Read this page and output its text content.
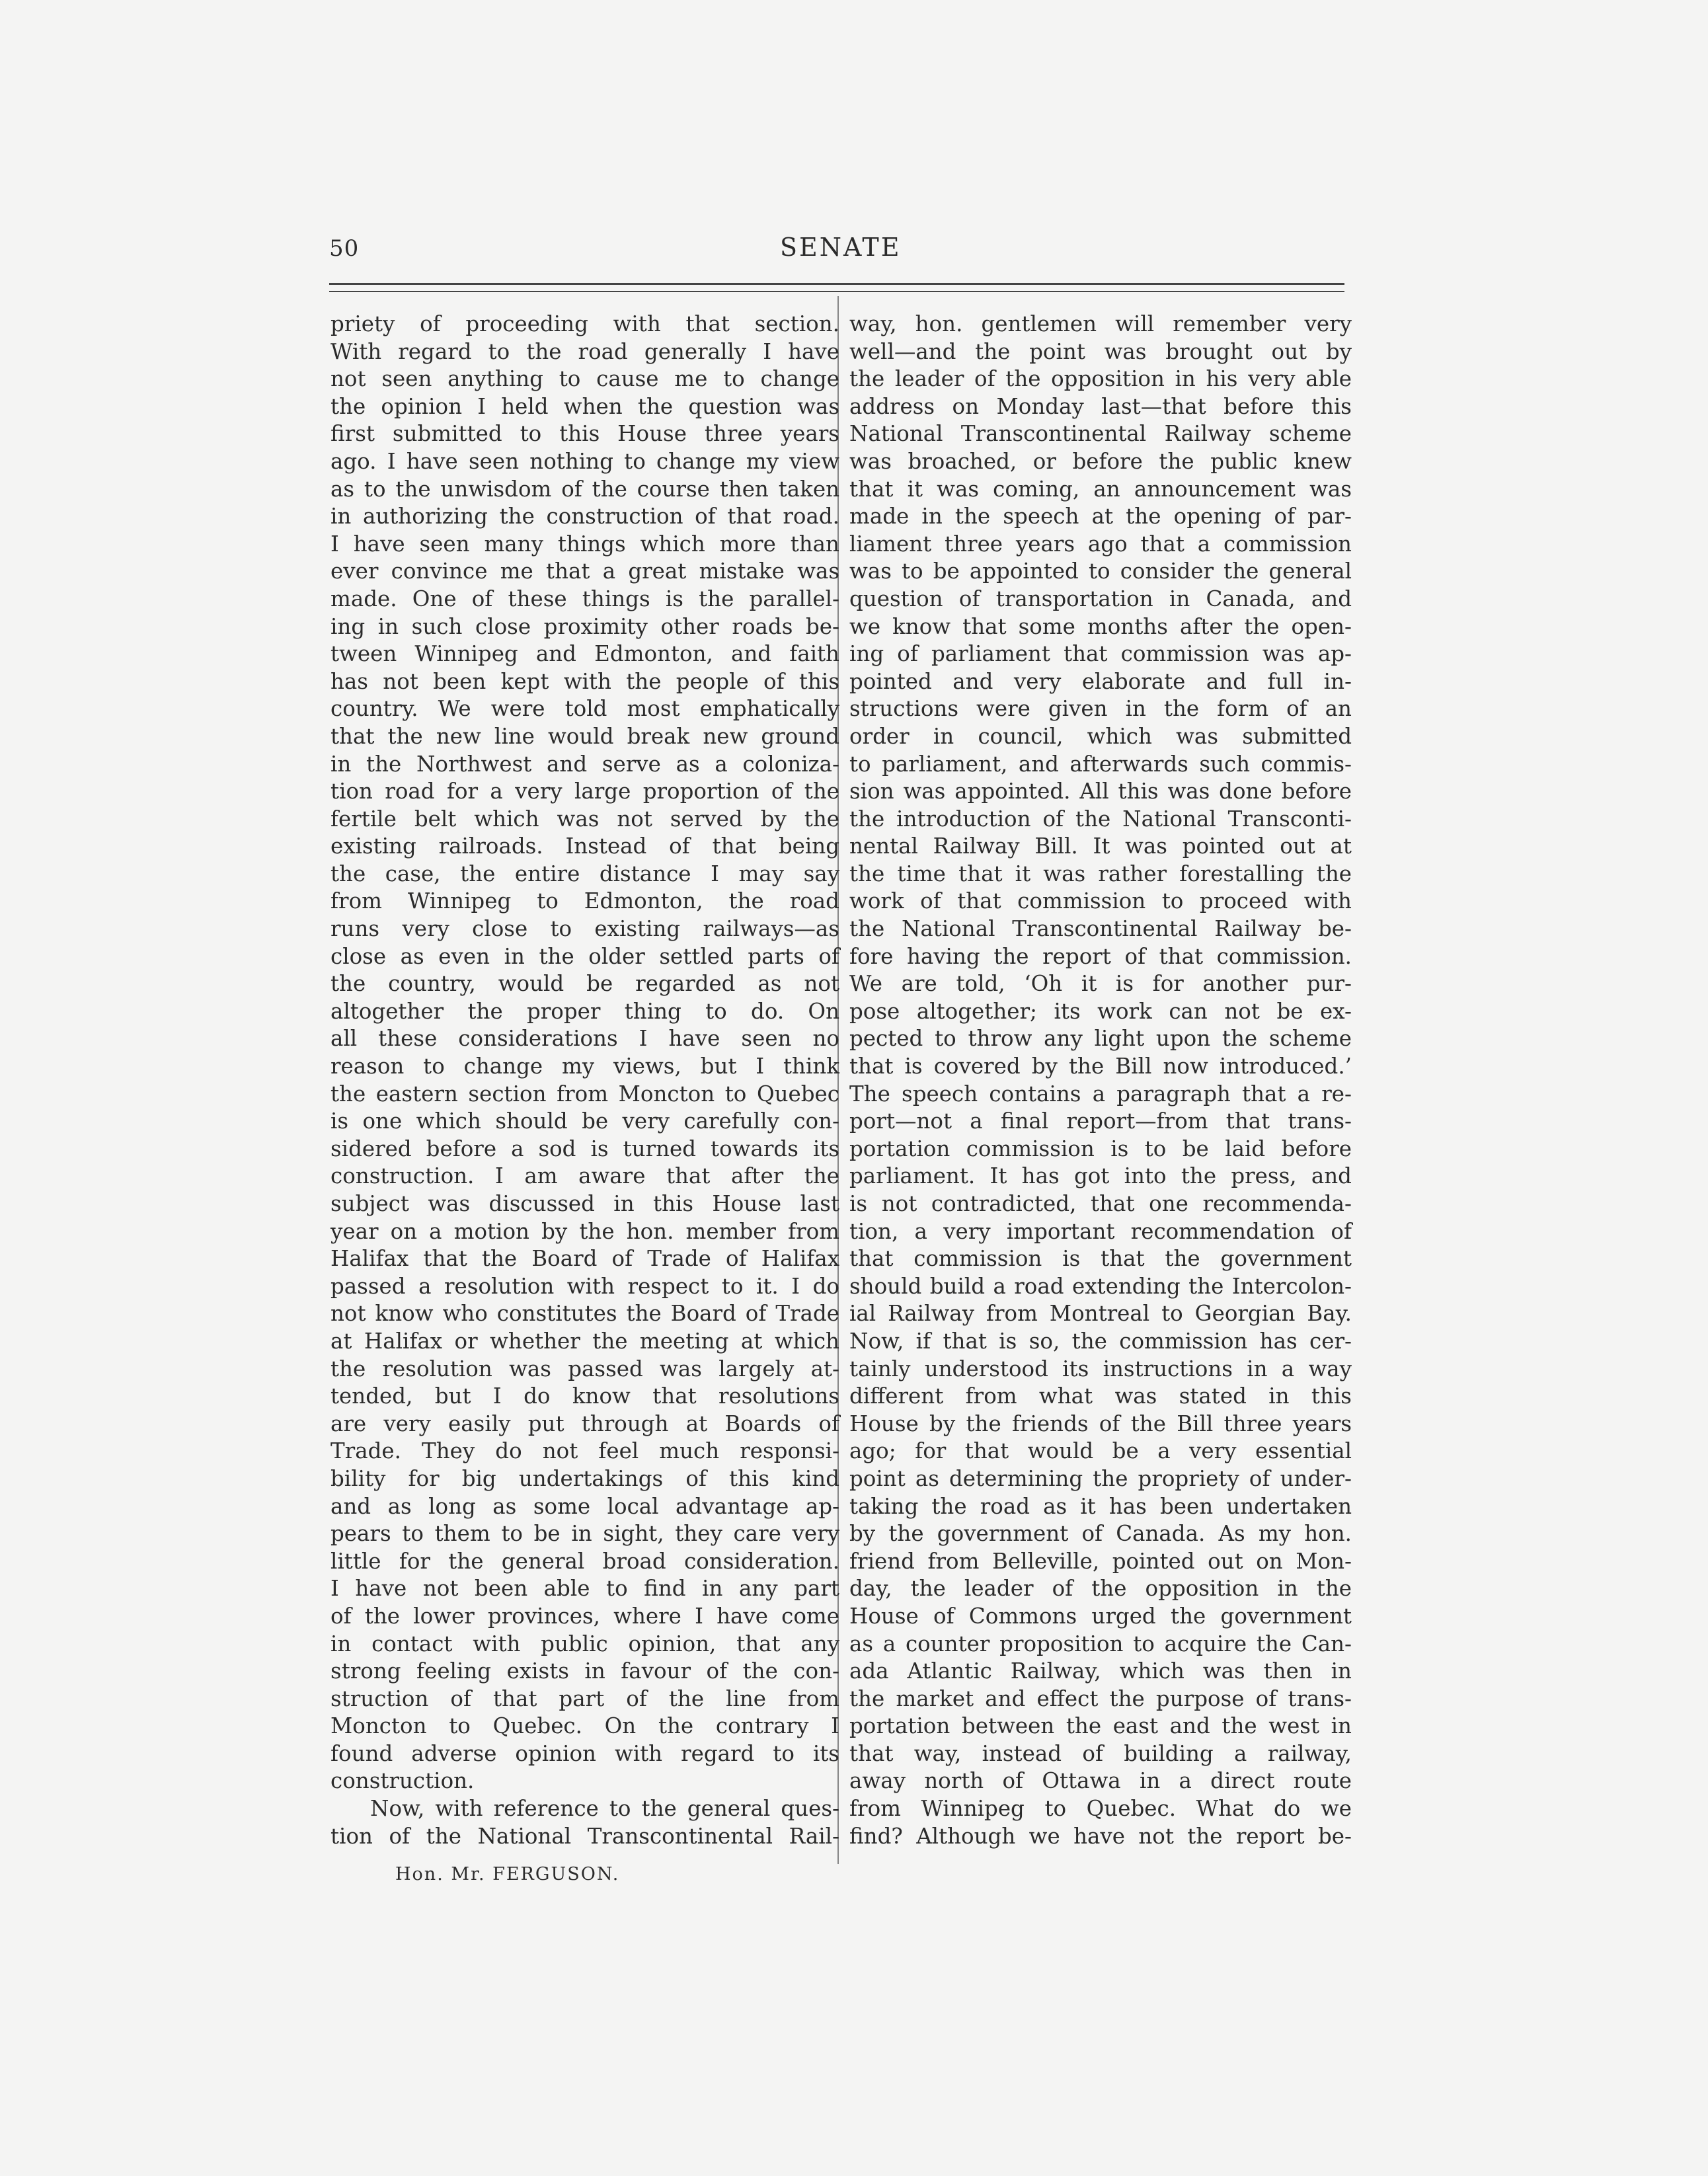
50	SENATE
priety of proceeding with that section.
With regard to the road generally I have
not seen anything to cause me to change
the opinion I held when the question was
first submitted to this House three years
ago. I have seen nothing to change my view
as to the unwisdom of the course then taken
in authorizing the construction of that road.
I have seen many things which more than
ever convince me that a great mistake was
made. One of these things is the parallel-
ing in such close proximity other roads be-
tween Winnipeg and Edmonton, and faith
has not been kept with the people of this
country. We were told most emphatically
that the new line would break new ground
in the Northwest and serve as a coloniza-
tion road for a very large proportion of the
fertile belt which was not served by the
existing railroads. Instead of that being
the case, the entire distance I may say
from Winnipeg to Edmonton, the road
runs very close to existing railways—as
close as even in the older settled parts of
the country, would be regarded as not
altogether the proper thing to do. On
all these considerations I have seen no
reason to change my views, but I think
the eastern section from Moncton to Quebec
is one which should be very carefully con-
sidered before a sod is turned towards its
construction. I am aware that after the
subject was discussed in this House last
year on a motion by the hon. member from
Halifax that the Board of Trade of Halifax
passed a resolution with respect to it. I do
not know who constitutes the Board of Trade
at Halifax or whether the meeting at which
the resolution was passed was largely at-
tended, but I do know that resolutions
are very easily put through at Boards of
Trade. They do not feel much responsi-
bility for big undertakings of this kind
and as long as some local advantage ap-
pears to them to be in sight, they care very
little for the general broad consideration.
I have not been able to find in any part
of the lower provinces, where I have come
in contact with public opinion, that any
strong feeling exists in favour of the con-
struction of that part of the line from
Moncton to Quebec. On the contrary I
found adverse opinion with regard to its
construction.
Now, with reference to the general ques-
tion of the National Transcontinental Rail-
way, hon. gentlemen will remember very
well—and the point was brought out by
the leader of the opposition in his very able
address on Monday last—that before this
National Transcontinental Railway scheme
was broached, or before the public knew
that it was coming, an announcement was
made in the speech at the opening of par-
liament three years ago that a commission
was to be appointed to consider the general
question of transportation in Canada, and
we know that some months after the open-
ing of parliament that commission was ap-
pointed and very elaborate and full in-
structions were given in the form of an
order in council, which was submitted
to parliament, and afterwards such commis-
sion was appointed. All this was done before
the introduction of the National Transconti-
nental Railway Bill. It was pointed out at
the time that it was rather forestalling the
work of that commission to proceed with
the National Transcontinental Railway be-
fore having the report of that commission.
We are told, ‘Oh it is for another pur-
pose altogether; its work can not be ex-
pected to throw any light upon the scheme
that is covered by the Bill now introduced.’
The speech contains a paragraph that a re-
port—not a final report—from that trans-
portation commission is to be laid before
parliament. It has got into the press, and
is not contradicted, that one recommenda-
tion, a very important recommendation of
that commission is that the government
should build a road extending the Intercolon-
ial Railway from Montreal to Georgian Bay.
Now, if that is so, the commission has cer-
tainly understood its instructions in a way
different from what was stated in this
House by the friends of the Bill three years
ago; for that would be a very essential
point as determining the propriety of under-
taking the road as it has been undertaken
by the government of Canada. As my hon.
friend from Belleville, pointed out on Mon-
day, the leader of the opposition in the
House of Commons urged the government
as a counter proposition to acquire the Can-
ada Atlantic Railway, which was then in
the market and effect the purpose of trans-
portation between the east and the west in
that way, instead of building a railway,
away north of Ottawa in a direct route
from Winnipeg to Quebec. What do we
find? Although we have not the report be-
Hon. Mr. FERGUSON.
